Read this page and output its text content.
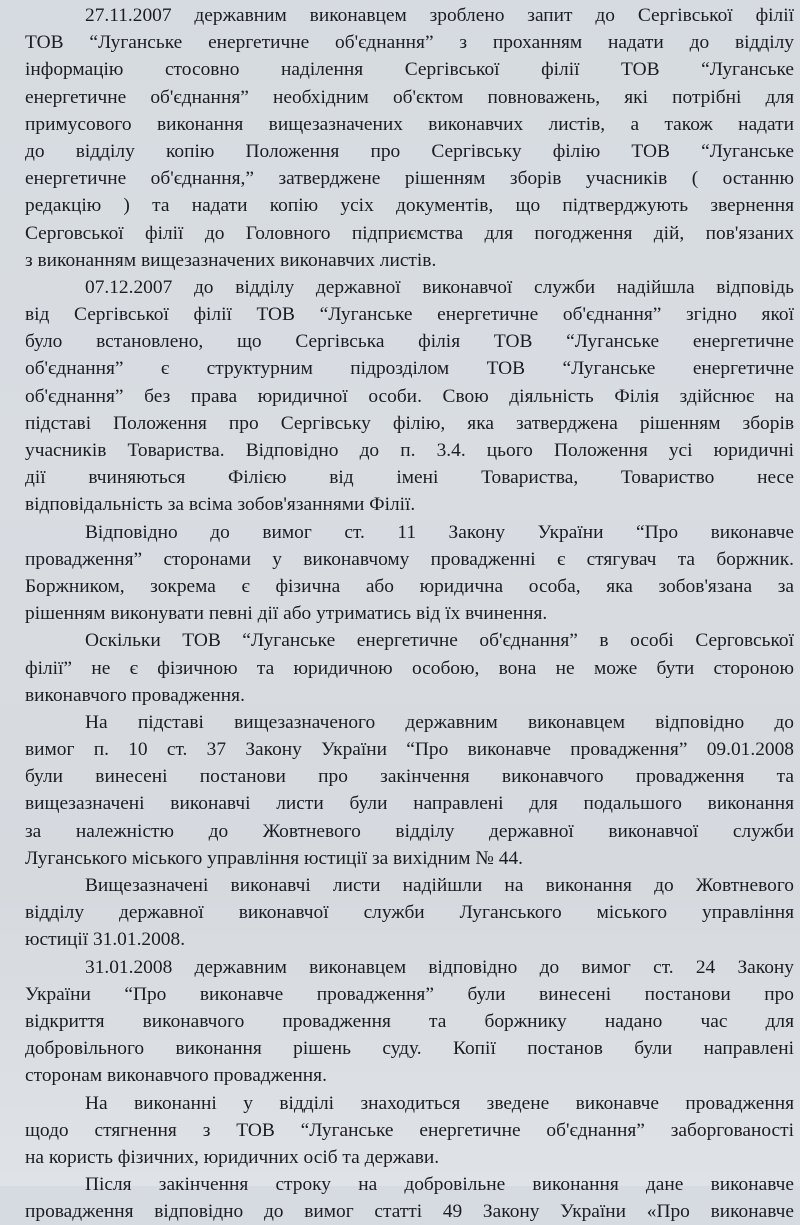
27.11.2007 державним виконавцем зроблено запит до Сергівської філії
ТОВ “Луганське енергетичне об'єднання” з проханням надати до відділу
інформацію стосовно наділення Сергівської філії ТОВ “Луганське
енергетичне об'єднання” необхідним об'єктом повноважень, які потрібні для
примусового виконання вищезазначених виконавчих листів, а також надати
до відділу копію Положення про Сергівську філію ТОВ “Луганське
енергетичне об'єднання,” затверджене рішенням зборів учасників ( останню
редакцію ) та надати копію усіх документів, що підтверджують звернення
Серговської філії до Головного підприємства для погодження дій, пов'язаних
з виконанням вищезазначених виконавчих листів.
07.12.2007 до відділу державної виконавчої служби надійшла відповідь
від Сергівської філії ТОВ “Луганське енергетичне об'єднання” згідно якої
було встановлено, що Сергівська філія ТОВ “Луганське енергетичне
об'єднання” є структурним підрозділом ТОВ “Луганське енергетичне
об'єднання” без права юридичної особи. Свою діяльність Філія здійснює на
підставі Положення про Сергівську філію, яка затверджена рішенням зборів
учасників Товариства. Відповідно до п. 3.4. цього Положення усі юридичні
дії вчиняються Філією від імені Товариства, Товариство несе
відповідальність за всіма зобов'язаннями Філії.
Відповідно до вимог ст. 11 Закону України “Про виконавче
провадження” сторонами у виконавчому провадженні є стягувач та боржник.
Боржником, зокрема є фізична або юридична особа, яка зобов'язана за
рішенням виконувати певні дії або утриматись від їх вчинення.
Оскільки ТОВ “Луганське енергетичне об'єднання” в особі Серговської
філії” не є фізичною та юридичною особою, вона не може бути стороною
виконавчого провадження.
На підставі вищезазначеного державним виконавцем відповідно до
вимог п. 10 ст. 37 Закону України “Про виконавче провадження” 09.01.2008
були винесені постанови про закінчення виконавчого провадження та
вищезазначені виконавчі листи були направлені для подальшого виконання
за належністю до Жовтневого відділу державної виконавчої служби
Луганського міського управління юстиції за вихідним № 44.
Вищезазначені виконавчі листи надійшли на виконання до Жовтневого
відділу державної виконавчої служби Луганського міського управління
юстиції 31.01.2008.
31.01.2008 державним виконавцем відповідно до вимог ст. 24 Закону
України “Про виконавче провадження” були винесені постанови про
відкриття виконавчого провадження та боржнику надано час для
добровільного виконання рішень суду. Копії постанов були направлені
сторонам виконавчого провадження.
На виконанні у відділі знаходиться зведене виконавче провадження
щодо стягнення з ТОВ “Луганське енергетичне об'єднання” заборгованості
на користь фізичних, юридичних осіб та держави.
Після закінчення строку на добровільне виконання дане виконавче
провадження відповідно до вимог статті 49 Закону України «Про виконавче
